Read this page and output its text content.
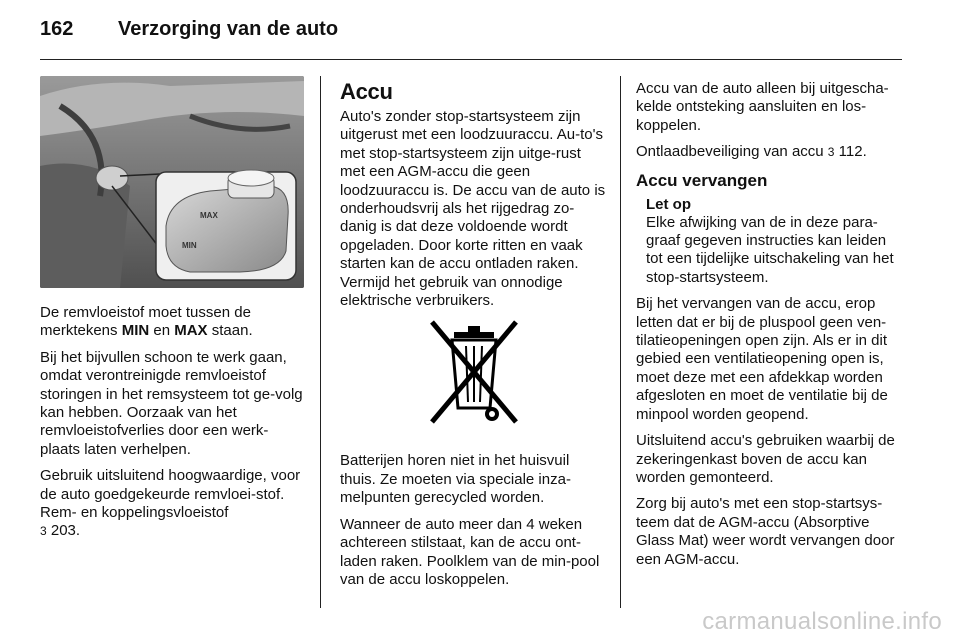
162	Verzorging van de auto
MAX
MIN

De remvloeistof moet tussen de merktekens MIN en MAX staan.

Bij het bijvullen schoon te werk gaan, omdat verontreinigde remvloeistof storingen in het remsysteem tot ge-volg kan hebben. Oorzaak van het remvloeistofverlies door een werk-plaats laten verhelpen.

Gebruik uitsluitend hoogwaardige, voor de auto goedgekeurde remvloei-stof. Rem- en koppelingsvloeistof
3 203.

Accu

Auto's zonder stop-startsysteem zijn uitgerust met een loodzuuraccu. Au-to's met stop-startsysteem zijn uitge-rust met een AGM-accu die geen loodzuuraccu is. De accu van de auto is onderhoudsvrij als het rijgedrag zo-danig is dat deze voldoende wordt opgeladen. Door korte ritten en vaak starten kan de accu ontladen raken. Vermijd het gebruik van onnodige elektrische verbruikers.

Batterijen horen niet in het huisvuil thuis. Ze moeten via speciale inza-melpunten gerecycled worden.

Wanneer de auto meer dan 4 weken achtereen stilstaat, kan de accu ont-laden raken. Poolklem van de min-pool van de accu loskoppelen.

Accu van de auto alleen bij uitgescha-kelde ontsteking aansluiten en los-koppelen.

Ontlaadbeveiliging van accu 3 112.

Accu vervangen
Let op
Elke afwijking van de in deze para-graaf gegeven instructies kan leiden tot een tijdelijke uitschakeling van het stop-startsysteem.

Bij het vervangen van de accu, erop letten dat er bij de pluspool geen ven-tilatieopeningen open zijn. Als er in dit gebied een ventilatieopening open is, moet deze met een afdekkap worden afgesloten en moet de ventilatie bij de minpool worden geopend.

Uitsluitend accu's gebruiken waarbij de zekeringenkast boven de accu kan worden gemonteerd.

Zorg bij auto's met een stop-startsys-teem dat de AGM-accu (Absorptive Glass Mat) weer wordt vervangen door een AGM-accu.

carmanualsonline.info
